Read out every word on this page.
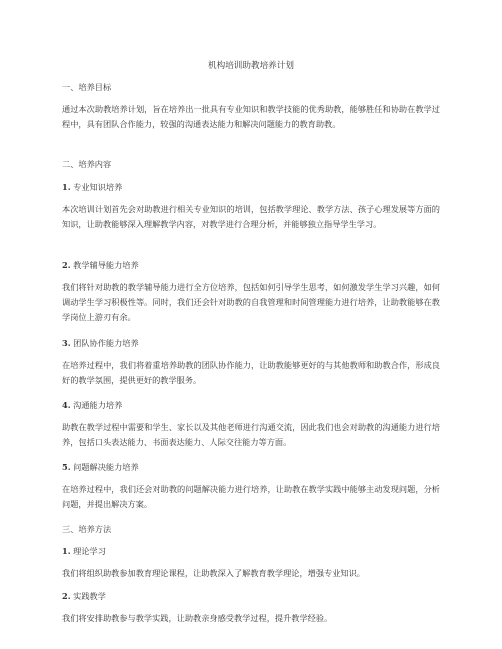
机构培训助教培养计划
一、培养目标
通过本次助教培养计划，旨在培养出一批具有专业知识和教学技能的优秀助教，能够胜任和协助在教学过程中，具有团队合作能力，较强的沟通表达能力和解决问题能力的教育助教。
二、培养内容
1. 专业知识培养
本次培训计划首先会对助教进行相关专业知识的培训，包括教学理论、教学方法、孩子心理发展等方面的知识，让助教能够深入理解教学内容，对教学进行合理分析，并能够独立指导学生学习。
2. 教学辅导能力培养
我们将针对助教的教学辅导能力进行全方位培养，包括如何引导学生思考，如何激发学生学习兴趣，如何调动学生学习积极性等。同时，我们还会针对助教的自我管理和时间管理能力进行培养，让助教能够在教学岗位上游刃有余。
3. 团队协作能力培养
在培养过程中，我们将着重培养助教的团队协作能力，让助教能够更好的与其他教师和助教合作，形成良好的教学氛围，提供更好的教学服务。
4. 沟通能力培养
助教在教学过程中需要和学生、家长以及其他老师进行沟通交流，因此我们也会对助教的沟通能力进行培养，包括口头表达能力、书面表达能力、人际交往能力等方面。
5. 问题解决能力培养
在培养过程中，我们还会对助教的问题解决能力进行培养，让助教在教学实践中能够主动发现问题，分析问题，并提出解决方案。
三、培养方法
1. 理论学习
我们将组织助教参加教育理论课程，让助教深入了解教育教学理论，增强专业知识。
2. 实践教学
我们将安排助教参与教学实践，让助教亲身感受教学过程，提升教学经验。
